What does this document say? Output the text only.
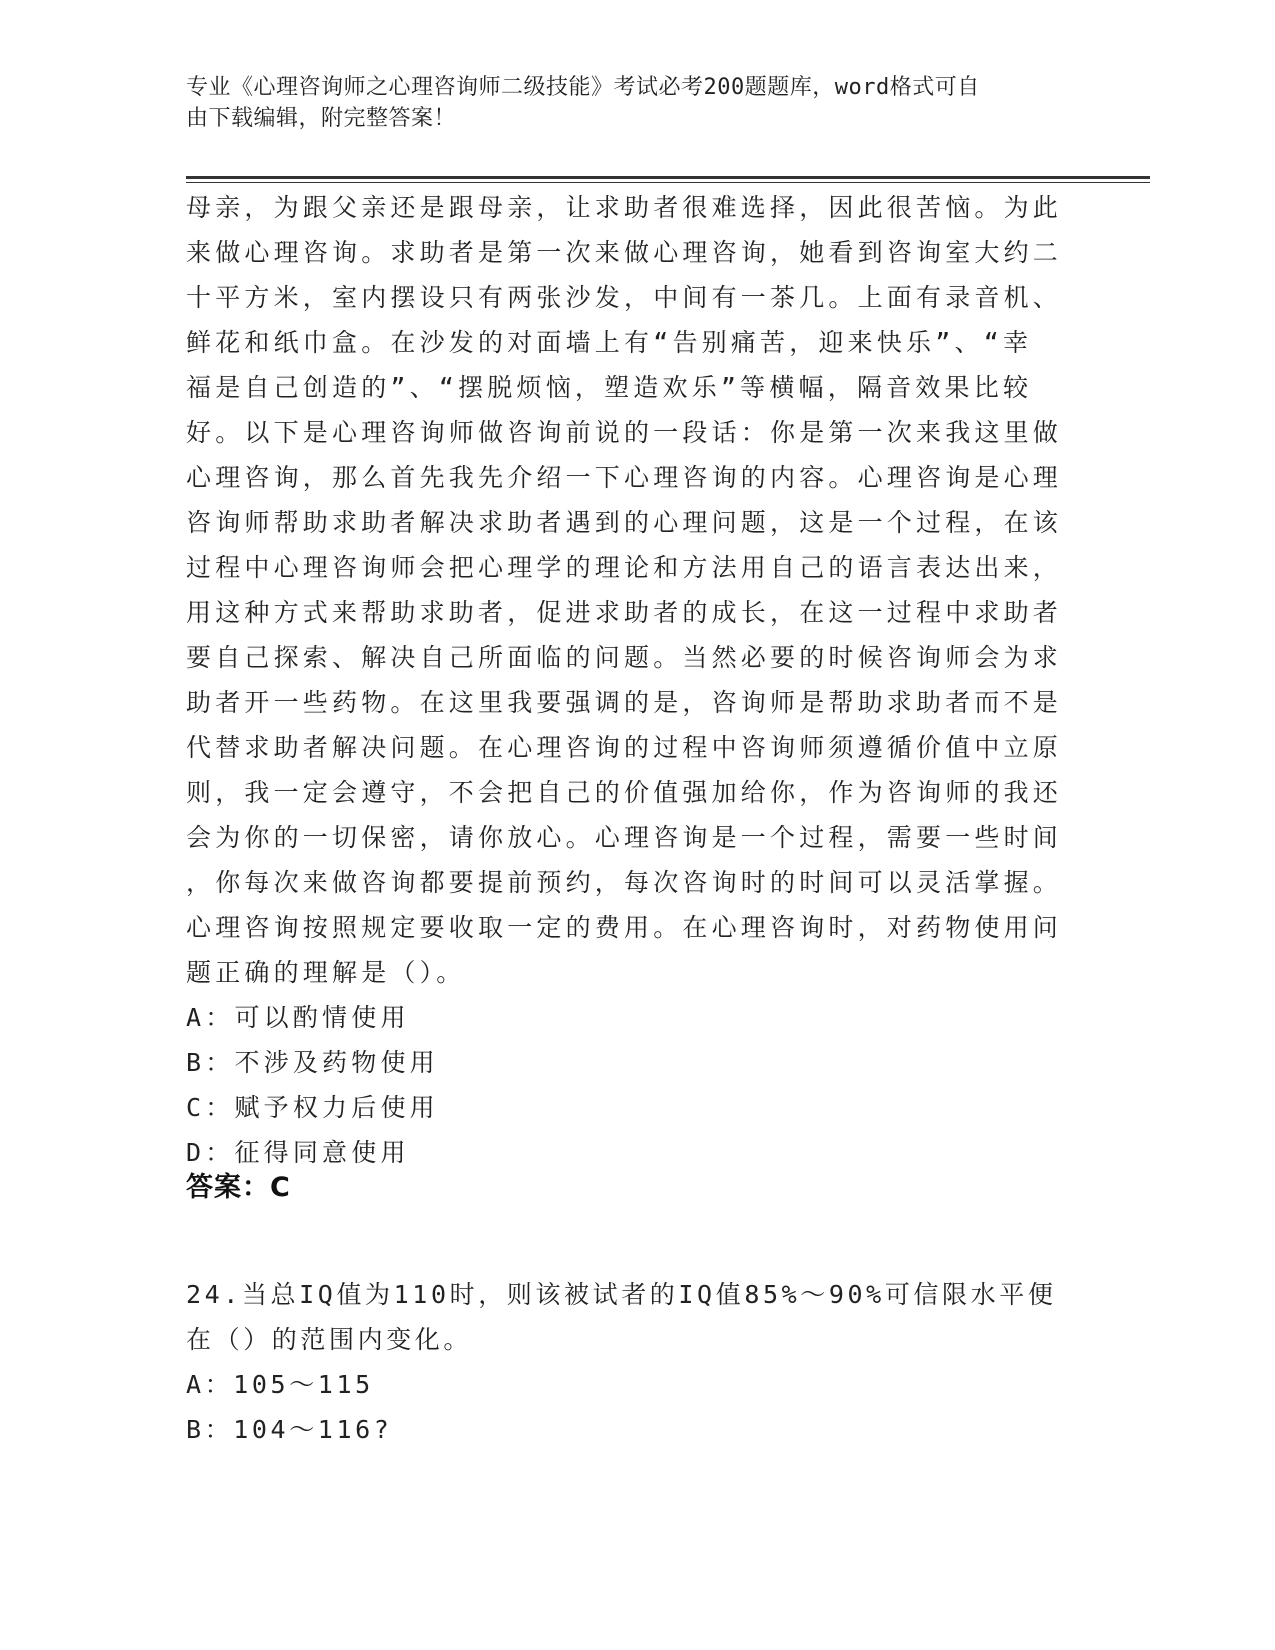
专业《心理咨询师之心理咨询师二级技能》考试必考200题题库，word格式可自
由下载编辑，附完整答案！
母亲，为跟父亲还是跟母亲，让求助者很难选择，因此很苦恼。为此
来做心理咨询。求助者是第一次来做心理咨询，她看到咨询室大约二
十平方米，室内摆设只有两张沙发，中间有一茶几。上面有录音机、
鲜花和纸巾盒。在沙发的对面墙上有“告别痛苦，迎来快乐”、“幸
福是自己创造的”、“摆脱烦恼，塑造欢乐”等横幅，隔音效果比较
好。以下是心理咨询师做咨询前说的一段话：你是第一次来我这里做
心理咨询，那么首先我先介绍一下心理咨询的内容。心理咨询是心理
咨询师帮助求助者解决求助者遇到的心理问题，这是一个过程，在该
过程中心理咨询师会把心理学的理论和方法用自己的语言表达出来，
用这种方式来帮助求助者，促进求助者的成长，在这一过程中求助者
要自己探索、解决自己所面临的问题。当然必要的时候咨询师会为求
助者开一些药物。在这里我要强调的是，咨询师是帮助求助者而不是
代替求助者解决问题。在心理咨询的过程中咨询师须遵循价值中立原
则，我一定会遵守，不会把自己的价值强加给你，作为咨询师的我还
会为你的一切保密，请你放心。心理咨询是一个过程，需要一些时间
，你每次来做咨询都要提前预约，每次咨询时的时间可以灵活掌握。
心理咨询按照规定要收取一定的费用。在心理咨询时，对药物使用问
题正确的理解是（）。
A：可以酌情使用
B：不涉及药物使用
C：赋予权力后使用
D：征得同意使用
答案：C
24.当总IQ值为110时，则该被试者的IQ值85%～90%可信限水平便
在（）的范围内变化。
A：105～115
B：104～116?
